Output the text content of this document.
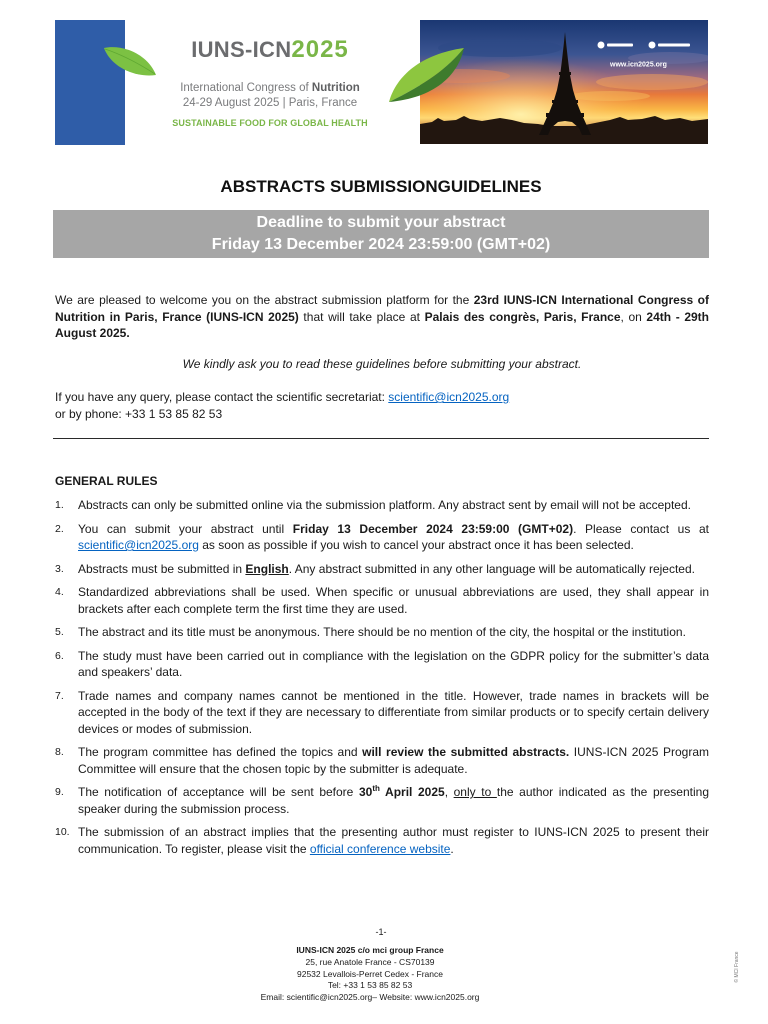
IUNS-ICN2025
International Congress of Nutrition
24-29 August 2025 | Paris, France
SUSTAINABLE FOOD FOR GLOBAL HEALTH
www.icn2025.org
ABSTRACTS SUBMISSIONGUIDELINES
Deadline to submit your abstract
Friday 13 December 2024 23:59:00 (GMT+02)

We are pleased to welcome you on the abstract submission platform for the 23rd IUNS-ICN International Congress of Nutrition in Paris, France (IUNS-ICN 2025) that will take place at Palais des congrès, Paris, France, on 24th - 29th August 2025.

We kindly ask you to read these guidelines before submitting your abstract.
If you have any query, please contact the scientific secretariat: scientific@icn2025.org
or by phone: +33 1 53 85 82 53
GENERAL RULES
1.	Abstracts can only be submitted online via the submission platform. Any abstract sent by email will not be accepted.
2.	You can submit your abstract until Friday 13 December 2024 23:59:00 (GMT+02). Please contact us at scientific@icn2025.org as soon as possible if you wish to cancel your abstract once it has been selected.
3.	Abstracts must be submitted in English. Any abstract submitted in any other language will be automatically rejected.
4.	Standardized abbreviations shall be used. When specific or unusual abbreviations are used, they shall appear in brackets after each complete term the first time they are used.
5.	The abstract and its title must be anonymous. There should be no mention of the city, the hospital or the institution.
6.	The study must have been carried out in compliance with the legislation on the GDPR policy for the submitter’s data and speakers’ data.
7.	Trade names and company names cannot be mentioned in the title. However, trade names in brackets will be accepted in the body of the text if they are necessary to differentiate from similar products or to specify certain delivery devices or modes of submission.
8.	The program committee has defined the topics and will review the submitted abstracts. IUNS-ICN 2025 Program Committee will ensure that the chosen topic by the submitter is adequate.
9.	The notification of acceptance will be sent before 30th April 2025, only to the author indicated as the presenting speaker during the submission process.
10. The submission of an abstract implies that the presenting author must register to IUNS-ICN 2025 to present their communication. To register, please visit the official conference website.
-1-
IUNS-ICN 2025 c/o mci group France
25, rue Anatole France - CS70139
92532 Levallois-Perret Cedex - France
Tel: +33 1 53 85 82 53
Email: scientific@icn2025.org– Website: www.icn2025.org
© MCI France
